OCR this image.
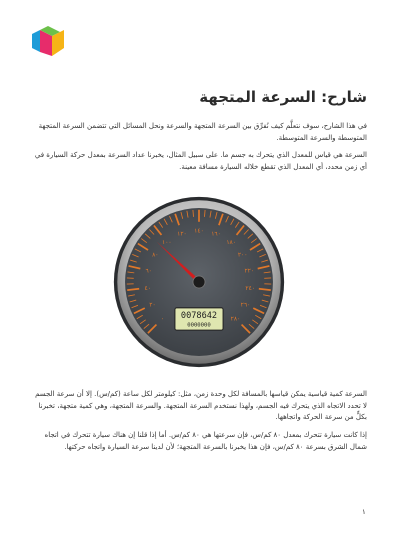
شارح: السرعة المتجهة

في هذا الشارح، سوف نتعلَّم كيف نُفرِّق بين السرعة المتجهة والسرعة ونحل المسائل التي تتضمن السرعة المتجهة المتوسطة والسرعة المتوسطة.

السرعة هي قياس للمعدل الذي يتحرك به جسم ما. على سبيل المثال، يخبرنا عداد السرعة بمعدل حركة السيارة في أي زمن محدد، أي المعدل الذي تقطع خلاله السيارة مسافة معينة.

٠
٢٠
٤٠
٦٠
٨٠
١٠٠
١٢٠ ١٤٠ ١٦٠
١٨٠
٢٠٠
٢٢٠
٢٤٠
٢٦٠
٢٨٠
0078642
0000000

السرعة كمية قياسية يمكن قياسها بالمسافة لكل وحدة زمن، مثل: كيلومتر لكل ساعة (كم/س). إلا أن سرعة الجسم لا تحدد الاتجاه الذي يتحرك فيه الجسم، ولهذا نستخدم السرعة المتجهة. والسرعة المتجهة، وهي كمية متجهة، تخبرنا بكلٍّ من سرعة الحركة واتجاهها.

إذا كانت سيارة تتحرك بمعدل ٨٠ كم/س، فإن سرعتها هي ٨٠ كم/س. أما إذا قلنا إن هناك سيارة تتحرك في اتجاه شمال الشرق بسرعة ٨٠ كم/س، فإن هذا يخبرنا بالسرعة المتجهة؛ لأن لدينا سرعة السيارة واتجاه حركتها.

١
